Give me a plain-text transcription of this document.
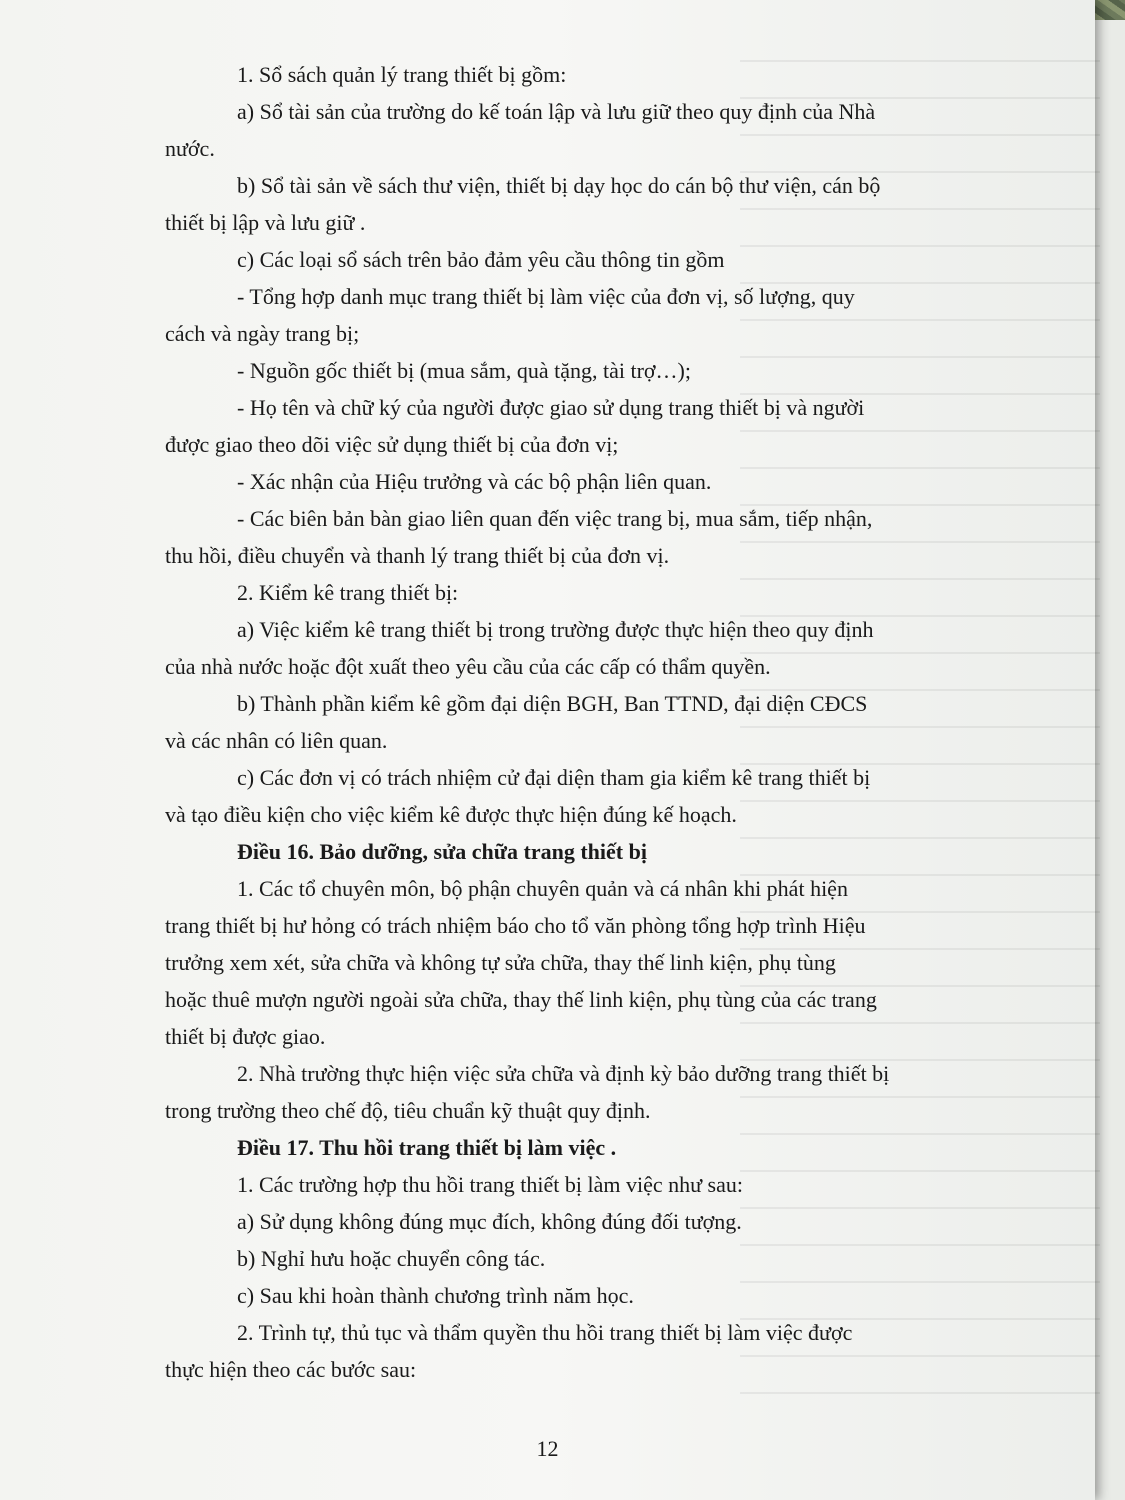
1. Sổ sách quản lý trang thiết bị gồm:
a) Sổ tài sản của trường do kế toán lập và lưu giữ theo quy định của Nhà
nước.
b) Sổ tài sản về sách thư viện, thiết bị dạy học do cán bộ thư viện, cán bộ
thiết bị lập và lưu giữ .
c) Các loại sổ sách trên bảo đảm yêu cầu thông tin gồm
- Tổng hợp danh mục trang thiết bị làm việc của đơn vị, số lượng, quy
cách và ngày trang bị;
- Nguồn gốc thiết bị (mua sắm, quà tặng, tài trợ…);
- Họ tên và chữ ký của người được giao sử dụng trang thiết bị và người
được giao theo dõi việc sử dụng thiết bị của đơn vị;
- Xác nhận của Hiệu trưởng và các bộ phận liên quan.
- Các biên bản bàn giao liên quan đến việc trang bị, mua sắm, tiếp nhận,
thu hồi, điều chuyển và thanh lý trang thiết bị của đơn vị.
2. Kiểm kê trang thiết bị:
a) Việc kiểm kê trang thiết bị trong trường được thực hiện theo quy định
của nhà nước hoặc đột xuất theo yêu cầu của các cấp có thẩm quyền.
b) Thành phần kiểm kê gồm đại diện BGH, Ban TTND, đại diện CĐCS
và các nhân có liên quan.
c) Các đơn vị có trách nhiệm cử đại diện tham gia kiểm kê trang thiết bị
và tạo điều kiện cho việc kiểm kê được thực hiện đúng kế hoạch.
Điều 16. Bảo dưỡng, sửa chữa trang thiết bị
1. Các tổ chuyên môn, bộ phận chuyên quản và cá nhân khi phát hiện
trang thiết bị hư hỏng có trách nhiệm báo cho tổ văn phòng tổng hợp trình Hiệu
trưởng xem xét, sửa chữa và không tự sửa chữa, thay thế linh kiện, phụ tùng
hoặc thuê mượn người ngoài sửa chữa, thay thế linh kiện, phụ tùng của các trang
thiết bị được giao.
2. Nhà trường thực hiện việc sửa chữa và định kỳ bảo dưỡng trang thiết bị
trong trường theo chế độ, tiêu chuẩn kỹ thuật quy định.
Điều 17. Thu hồi trang thiết bị làm việc .
1. Các trường hợp thu hồi trang thiết bị làm việc như sau:
a) Sử dụng không đúng mục đích, không đúng đối tượng.
b) Nghỉ hưu hoặc chuyển công tác.
c) Sau khi hoàn thành chương trình năm học.
2. Trình tự, thủ tục và thẩm quyền thu hồi trang thiết bị làm việc được
thực hiện theo các bước sau:
12
